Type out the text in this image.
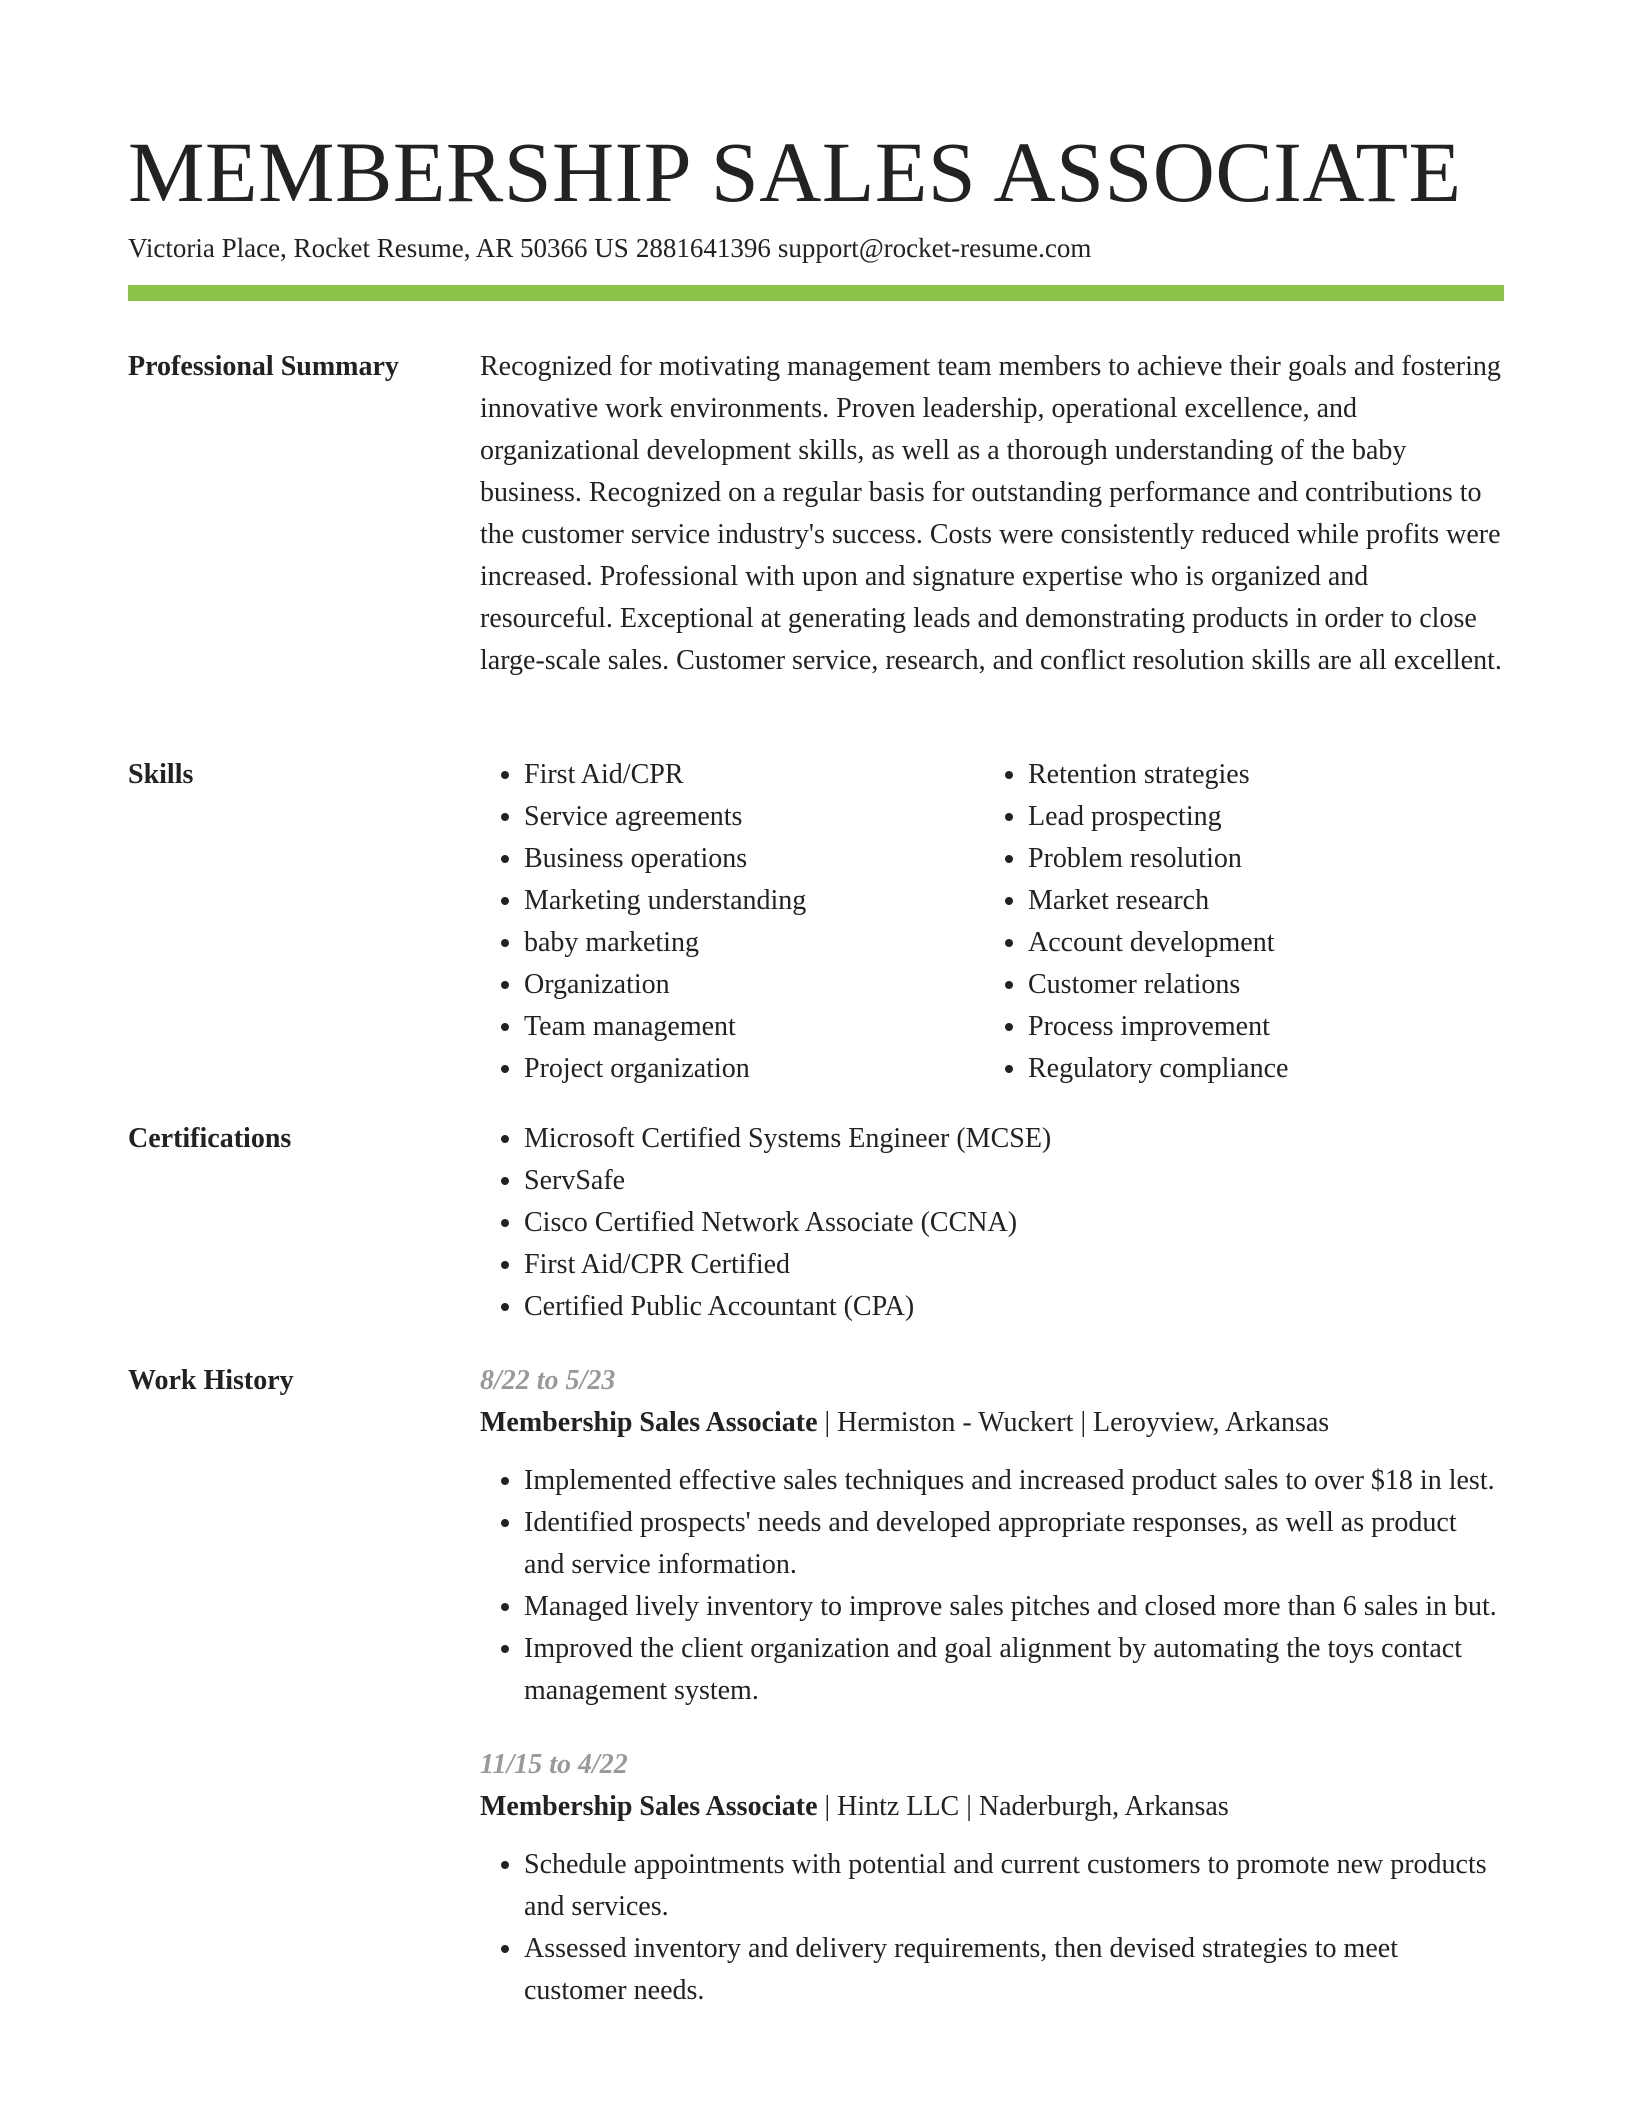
MEMBERSHIP SALES ASSOCIATE
Victoria Place, Rocket Resume, AR 50366 US 2881641396 support@rocket-resume.com
Professional Summary	Recognized for motivating management team members to achieve their goals and fostering innovative work environments. Proven leadership, operational excellence, and organizational development skills, as well as a thorough understanding of the baby business. Recognized on a regular basis for outstanding performance and contributions to the customer service industry's success. Costs were consistently reduced while profits were increased. Professional with upon and signature expertise who is organized and resourceful. Exceptional at generating leads and demonstrating products in order to close large-scale sales. Customer service, research, and conflict resolution skills are all excellent.

Skills	• First Aid/CPR
• Service agreements
• Business operations
• Marketing understanding
• baby marketing
• Organization
• Team management
• Project organization
• Retention strategies
• Lead prospecting
• Problem resolution
• Market research
• Account development
• Customer relations
• Process improvement
• Regulatory compliance
Certifications	• Microsoft Certified Systems Engineer (MCSE)
• ServSafe
• Cisco Certified Network Associate (CCNA)
• First Aid/CPR Certified
• Certified Public Accountant (CPA)
Work History	8/22 to 5/23
Membership Sales Associate | Hermiston - Wuckert | Leroyview, Arkansas
• Implemented effective sales techniques and increased product sales to over $18 in lest.
• Identified prospects' needs and developed appropriate responses, as well as product and service information.
• Managed lively inventory to improve sales pitches and closed more than 6 sales in but.
• Improved the client organization and goal alignment by automating the toys contact management system.
11/15 to 4/22
Membership Sales Associate | Hintz LLC | Naderburgh, Arkansas
• Schedule appointments with potential and current customers to promote new products and services.
• Assessed inventory and delivery requirements, then devised strategies to meet customer needs.
